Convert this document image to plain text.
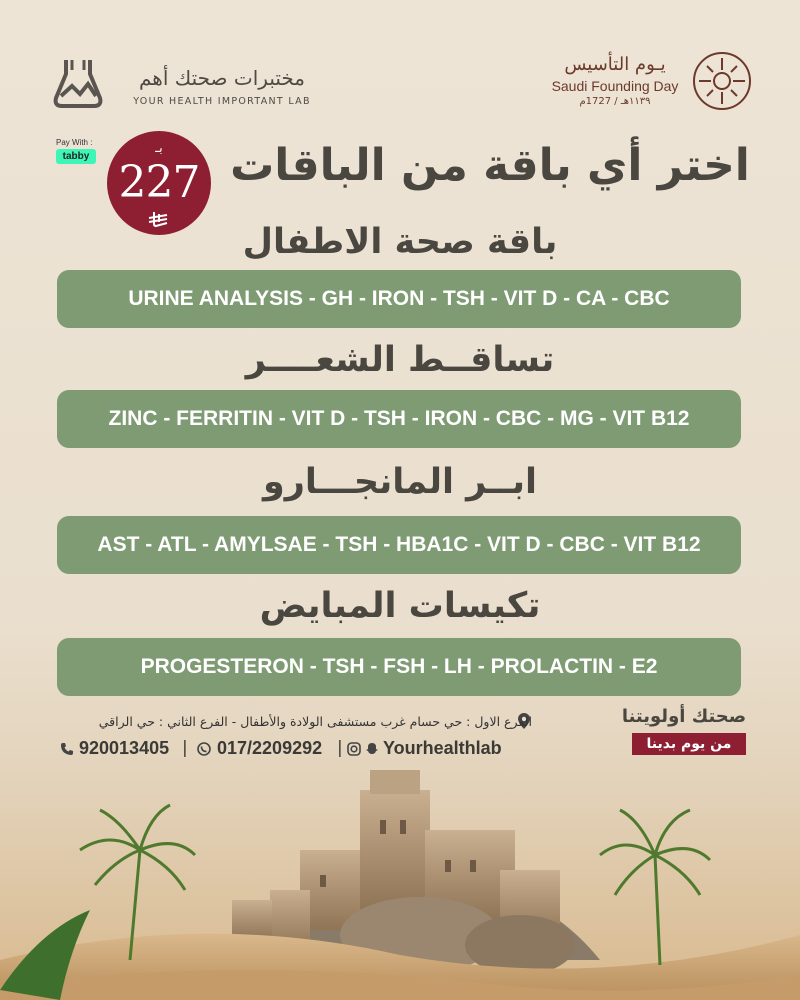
مختبرات صحتك أهم
YOUR HEALTH IMPORTANT LAB
يـوم التأسيس
Saudi Founding Day
١١٣٩هـ / 1727م
Pay With :
tabby
بـ
227 اختر أي باقة من الباقات
باقة صحة الاطفال
URINE ANALYSIS - GH - IRON - TSH - VIT D - CA - CBC
تساقــط الشعــــر
ZINC - FERRITIN - VIT D - TSH - IRON - CBC - MG - VIT B12
ابــر المانجـــارو
AST - ATL - AMYLSAE - TSH - HBA1C - VIT D - CBC - VIT B12
تكيسات المبايض
PROGESTERON - TSH - FSH - LH - PROLACTIN - E2
الفرع الاول : حي حسام غرب مستشفى الولادة والأطفال - الفرع الثاني : حي الراقي
920013405 | 017/2209292 | Yourhealthlab
صحتك أولويتنا
من يوم بدينا
